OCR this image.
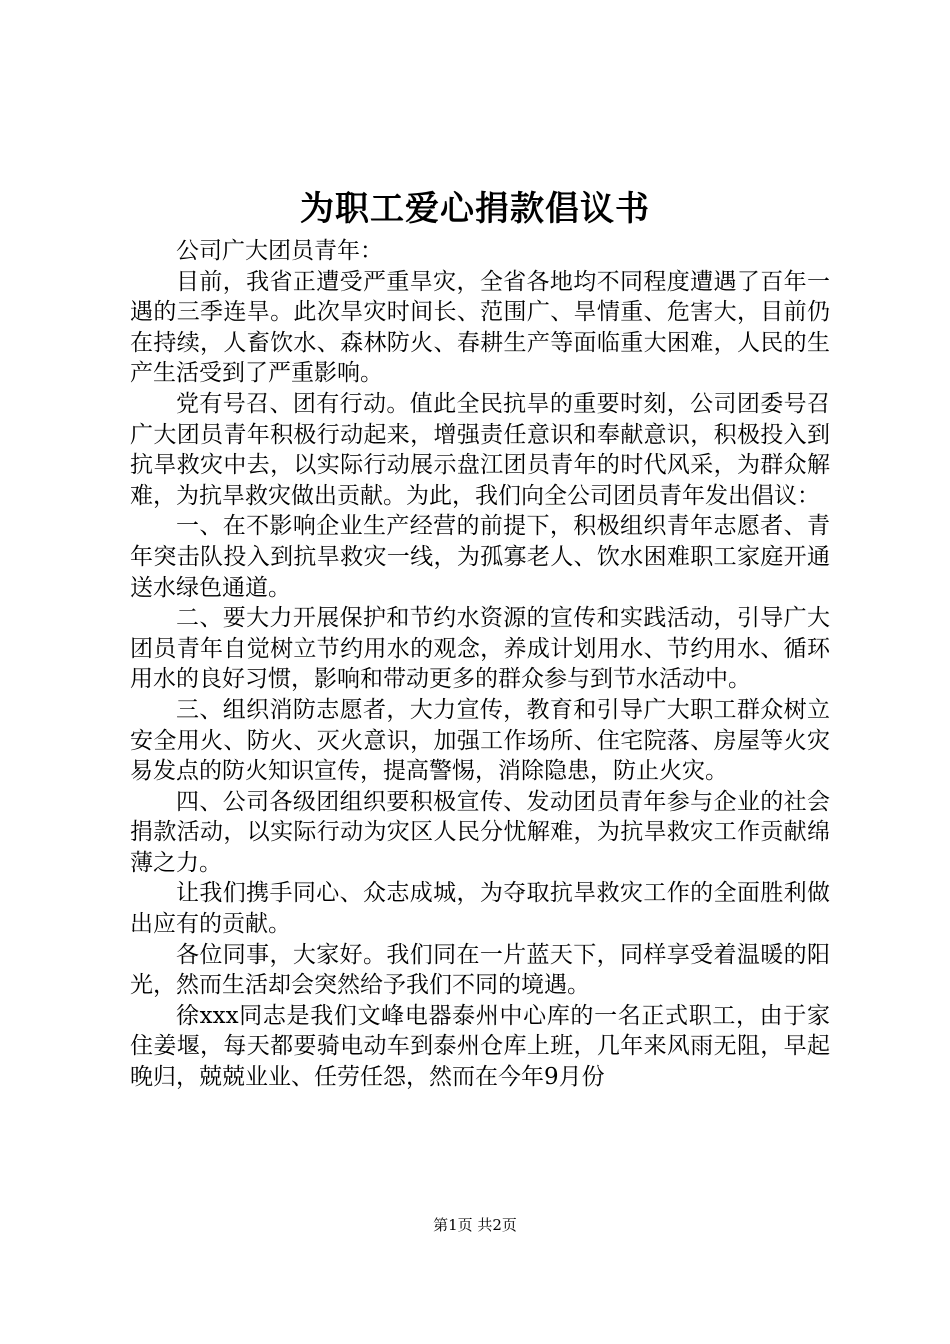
为职工爱心捐款倡议书

公司广大团员青年：

目前，我省正遭受严重旱灾，全省各地均不同程度遭遇了百年一遇的三季连旱。此次旱灾时间长、范围广、旱情重、危害大，目前仍在持续，人畜饮水、森林防火、春耕生产等面临重大困难，人民的生产生活受到了严重影响。

党有号召、团有行动。值此全民抗旱的重要时刻，公司团委号召广大团员青年积极行动起来，增强责任意识和奉献意识，积极投入到抗旱救灾中去，以实际行动展示盘江团员青年的时代风采，为群众解难，为抗旱救灾做出贡献。为此，我们向全公司团员青年发出倡议：

一、在不影响企业生产经营的前提下，积极组织青年志愿者、青年突击队投入到抗旱救灾一线，为孤寡老人、饮水困难职工家庭开通送水绿色通道。

二、要大力开展保护和节约水资源的宣传和实践活动，引导广大团员青年自觉树立节约用水的观念，养成计划用水、节约用水、循环用水的良好习惯，影响和带动更多的群众参与到节水活动中。

三、组织消防志愿者，大力宣传，教育和引导广大职工群众树立安全用火、防火、灭火意识，加强工作场所、住宅院落、房屋等火灾易发点的防火知识宣传，提高警惕，消除隐患，防止火灾。

四、公司各级团组织要积极宣传、发动团员青年参与企业的社会捐款活动，以实际行动为灾区人民分忧解难，为抗旱救灾工作贡献绵薄之力。

让我们携手同心、众志成城，为夺取抗旱救灾工作的全面胜利做出应有的贡献。

各位同事，大家好。我们同在一片蓝天下，同样享受着温暖的阳光，然而生活却会突然给予我们不同的境遇。

徐xxx同志是我们文峰电器泰州中心库的一名正式职工，由于家住姜堰，每天都要骑电动车到泰州仓库上班，几年来风雨无阻，早起晚归，兢兢业业、任劳任怨，然而在今年9月份

第1页 共2页
